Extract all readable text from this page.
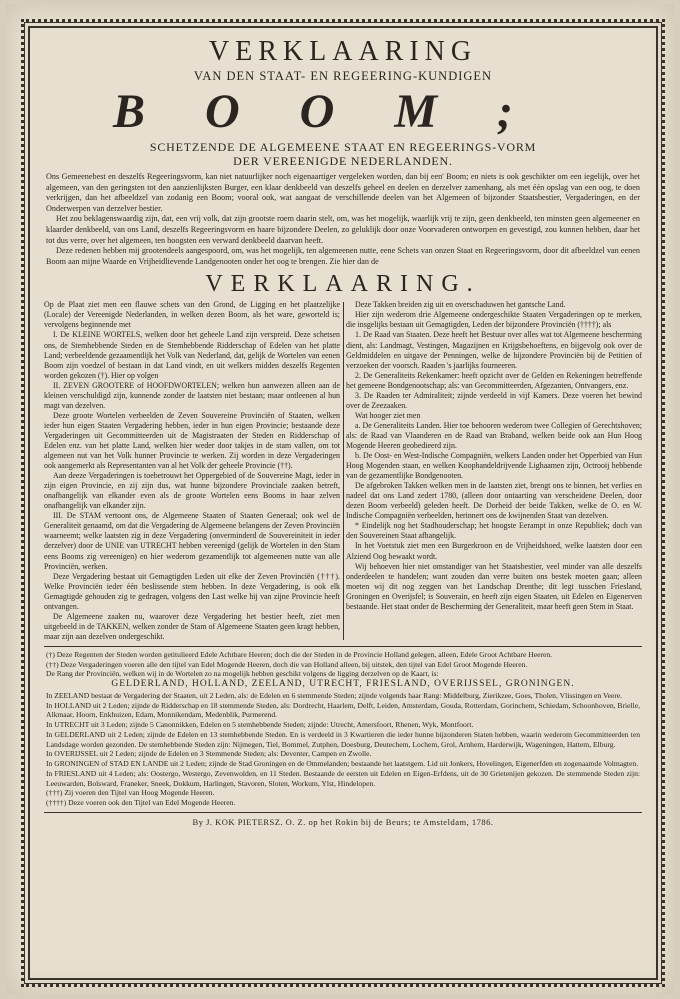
VERKLAARING
VAN DEN STAAT- EN REGEERING-KUNDIGEN
BOOM;
SCHETZENDE DE ALGEMEENE STAAT EN REGEERINGS-VORM
DER VEREENIGDE NEDERLANDEN.

Ons Gemeenebest en deszelfs Regeeringsvorm, kan niet natuurlijker noch eigenaartiger vergeleken worden, dan bij een' Boom; en niets is ook geschikter om een iegelijk, over het algemeen, van den geringsten tot den aanzienlijksten Burger, een klaar denkbeeld van deszelfs geheel en deelen en derzelver zamenhang, als met één opslag van een oog, te doen verkrijgen, dan het afbeeldzel van zodanig een Boom; vooral ook, wat aangaat de verschillende deelen van het Algemeen of bijzonder Staatsbestier, Vergaderingen, en der Onderwerpen van derzelver bestier.

Het zou beklagenswaardig zijn, dat, een vrij volk, dat zijn grootste roem daarin stelt, om, was het mogelijk, waarlijk vrij te zijn, geen denkbeeld, ten minsten geen algemeener en klaarder denkbeeld, van ons Land, deszelfs Regeeringsvorm en haare bijzondere Deelen, zo geluklijk door onze Voorvaderen ontworpen en gevestigd, zou kunnen hebben, daar het tot dus verre, over het algemeen, ten hoogsten een verward denkbeeld daarvan heeft.

Deze redenen hebben mij grootendeels aangespoord, om, was het mogelijk, ten algemeenen nutte, eene Schets van onzen Staat en Regeeringsvorm, door dit afbeeldzel van eenen Boom aan mijne Waarde en Vrijheidlievende Landgenooten onder het oog te brengen. Zie hier dan de

VERKLAARING.

Op de Plaat ziet men een flauwe schets van den Grond, de Ligging en het plaatzelijke (Locale) der Vereenigde Nederlanden, in welken dezen Boom, als het ware, geworteld is; vervolgens beginnende met

I. De KLEINE WORTELS, welken door het geheele Land zijn verspreid. Deze schetsen ons, de Stemhebbende Steden en de Stemhebbende Ridderschap of Edelen van het platte Land; verbeeldende gezaamentlijk het Volk van Nederland, dat, gelijk de Wortelen van eenen Boom zijn voedzel of bestaan in dat Land vindt, en uit welkers midden deszelfs Regenten worden gekozen (†). Hier op volgen

II. ZEVEN GROOTERE of HOOFDWORTELEN; welken hun aanwezen alleen aan de kleinen verschuldigd zijn, kunnende zonder de laatsten niet bestaan; maar ontleenen al hun magt van dezelven.

Deze groote Wortelen verbeelden de Zeven Souvereine Provinciën of Staaten, welken ieder hun eigen Staaten Vergadering hebben, ieder in hun eigen Provincie; bestaande deze Vergaderingen uit Gecommitteerden uit de Magistraaten der Steden en Ridderschap of Edelen enz. van het platte Land, welken hier weder door takjes in de stam vallen, om tot algemeen nut van het Volk hunner Provincie te werken. Zij worden in deze Vergaderingen ook aangemerkt als Representanten van al het Volk der geheele Provincie (††).

Aan deeze Vergaderingen is toebetrouwt het Oppergebied of de Souvereine Magt, ieder in zijn eigen Provincie, en zij zijn dus, wat hunne bijzondere Provinciale zaaken betreft, onafhangelijk van elkander even als de groote Wortelen eens Booms in haar zelven onafhangelijk van elkander zijn.

III. De STAM vertoont ons, de Algemeene Staaten of Staaten Generaal; ook wel de Generaliteit genaamd, om dat die Vergadering de Algemeene belangens der Zeven Provinciën waarneemt; welke laatsten zig in deze Vergadering (onverminderd de Souvereiniteit in ieder derzelver) door de UNIE van UTRECHT hebben vereenigd (gelijk de Wortelen in den Stam eens Booms zig vereenigen) en hier wederom gezamentlijk tot algemeenen nutte van alle Provinciën, werken.

Deze Vergadering bestaat uit Gemagtigden Leden uit elke der Zeven Provinciën (†††). Welke Provinciën ieder één beslissende stem hebben. In deze Vergadering, is ook elk Gemagtigde gehouden zig te gedragen, volgens den Last welke hij van zijne Provincie heeft ontvangen.

De Algemeene zaaken nu, waarover deze Vergadering het bestier heeft, ziet men uitgebeeld in de TAKKEN, welken zonder de Stam of Algemeene Staaten geen kragt hebben, maar zijn aan dezelven ondergeschikt.

Deze Takken breiden zig uit en overschaduwen het gantsche Land.

Hier zijn wederom drie Algemeene ondergeschikte Staaten Vergaderingen op te merken, die insgelijks bestaan uit Gemagtigden, Leden der bijzondere Provinciën (††††); als

1. De Raad van Staaten. Deze heeft het Bestuur over alles wat tot Algemeene bescherming dient, als: Landmagt, Vestingen, Magazijnen en Krijgsbehoeftens, en bijgevolg ook over de Geldmiddelen en uitgave der Penningen, welke de bijzondere Provinciën bij de Petitien of verzoeken der voorsch. Raaden 's jaarlijks fourneeren.

2. De Generaliteits Rekenkamer: heeft opzicht over de Gelden en Rekeningen betreffende het gemeene Bondgenootschap; als: van Gecommitteerden, Afgezanten, Ontvangers, enz.

3. De Raaden ter Admiraliteit; zijnde verdeeld in vijf Kamers. Deze voeren het bewind over de Zeezaaken.

Wat hooger ziet men

a. De Generaliteits Landen. Hier toe behooren wederom twee Collegien of Gerechtshoven; als: de Raad van Vlaanderen en de Raad van Braband, welken beide ook aan Hun Hoog Mogende Heeren geobedieerd zijn.

b. De Oost- en West-Indische Compagniën, welkers Landen onder het Opperbied van Hun Hoog Mogenden staan, en welken Koophandeldrijvende Lighaamen zijn, Octrooij hebbende van de gezamentlijke Bondgenooten.

De afgebroken Takken welken men in de laatsten ziet, brengt ons te binnen, het verlies en nadeel dat ons Land zedert 1780, (alleen door ontaarting van verscheidene Deelen, door dezen Boom verbeeld) geleden heeft. De Dorheid der beide Takken, welke de O. en W. Indische Compagniën verbeelden, herinnert ons de kwijnenden Staat van dezelven.

* Eindelijk nog het Stadhouderschap; het hoogste Eerampt in onze Republiek; doch van den Souvereinen Staat afhangelijk.

In het Voetstuk ziet men een Burgerkroon en de Vrijheidshoed, welke laatsten door een Alziend Oog bewaakt wordt.

Wij behoeven hier niet omstandiger van het Staatsbestier, veel minder van alle deszelfs onderdeelen te handelen; want zouden dan verre buiten ons bestek moeten gaan; alleen moeten wij dit nog zeggen van het Landschap Drenthe; dit legt tusschen Friesland, Groningen en Overijsfel; is Souverain, en heeft zijn eigen Staaten, uit Edelen en Eigenerven bestaande. Het staat onder de Bescherming der Generaliteit, maar heeft geen Stem in Staat.

(†) Deze Regenten der Steden worden getitulieerd Edele Achtbare Heeren; doch die der Steden in de Provincie Holland gelegen, alleen, Edele Groot Achtbare Heeren.

(††) Deze Vergaderingen voeren alle den tijtel van Edel Mogende Heeren, doch die van Holland alleen, bij uitstek, den tijtel van Edel Groot Mogende Heeren.

De Rang der Provinciën, welken wij in de Wortelen zo na mogelijk hebben geschikt volgens de ligging derzelven op de Kaart, is:

GELDERLAND, HOLLAND, ZEELAND, UTRECHT, FRIESLAND, OVERIJSSEL, GRONINGEN.

In ZEELAND bestaat de Vergadering der Staaten, uit 2 Leden, als: de Edelen en 6 stemmende Steden; zijnde volgends haar Rang: Middelburg, Zierikzee, Goes, Tholen, Vlissingen en Veere.

In HOLLAND uit 2 Leden; zijnde de Ridderschap en 18 stemmende Steden, als: Dordrecht, Haarlem, Delft, Leiden, Amsterdam, Gouda, Rotterdam, Gorinchem, Schiedam, Schoonhoven, Brielle, Alkmaar, Hoorn, Enkhuizen, Edam, Monnikendam, Medenblik, Purmerend.

In UTRECHT uit 3 Leden; zijnde 5 Canonnikken, Edelen en 5 stemhebbende Steden; zijnde: Utrecht, Amersfoort, Rhenen, Wyk, Montfoort.

In GELDERLAND uit 2 Leden; zijnde de Edelen en 13 stemhebbende Steden. En is verdeeld in 3 Kwartieren die ieder hunne bijzonderen Staten hebben, waarin wederom Gecommitteerden ten Landsdage worden gezonden. De stemhebbende Steden zijn: Nijmegen, Tiel, Bommel, Zutphen, Doesburg, Deutechem, Lochem, Grol, Arnhem, Harderwijk, Wageningen, Hattem, Elburg.

In OVERIJSSEL uit 2 Leden; zijnde de Edelen en 3 Stemmende Steden; als: Deventer, Campen en Zwolle.

In GRONINGEN of STAD EN LANDE uit 2 Leden; zijnde de Stad Groningen en de Ommelanden; bestaande het laatstgem. Lid uit Jonkers, Hovelingen, Eigenerfden en zogenaamde Volmagten.

In FRIESLAND uit 4 Leden; als: Oostergo, Westergo, Zevenwolden, en 11 Steden. Bestaande de eersten uit Edelen en Eigen-Erfdens, uit de 30 Grietenijen gekozen. De stemmende Steden zijn: Leeuwarden, Bolsward, Franeker, Sneek, Dokkum, Harlingen, Stavoren, Sloten, Workum, Ylst, Hindelopen.

(†††) Zij voeren den Tijtel van Hoog Mogende Heeren.

(††††) Deze voeren ook den Tijtel van Edel Mogende Heeren.

By J. KOK PIETERSZ. O. Z. op het Rokin bij de Beurs; te Amsteldam, 1786.
